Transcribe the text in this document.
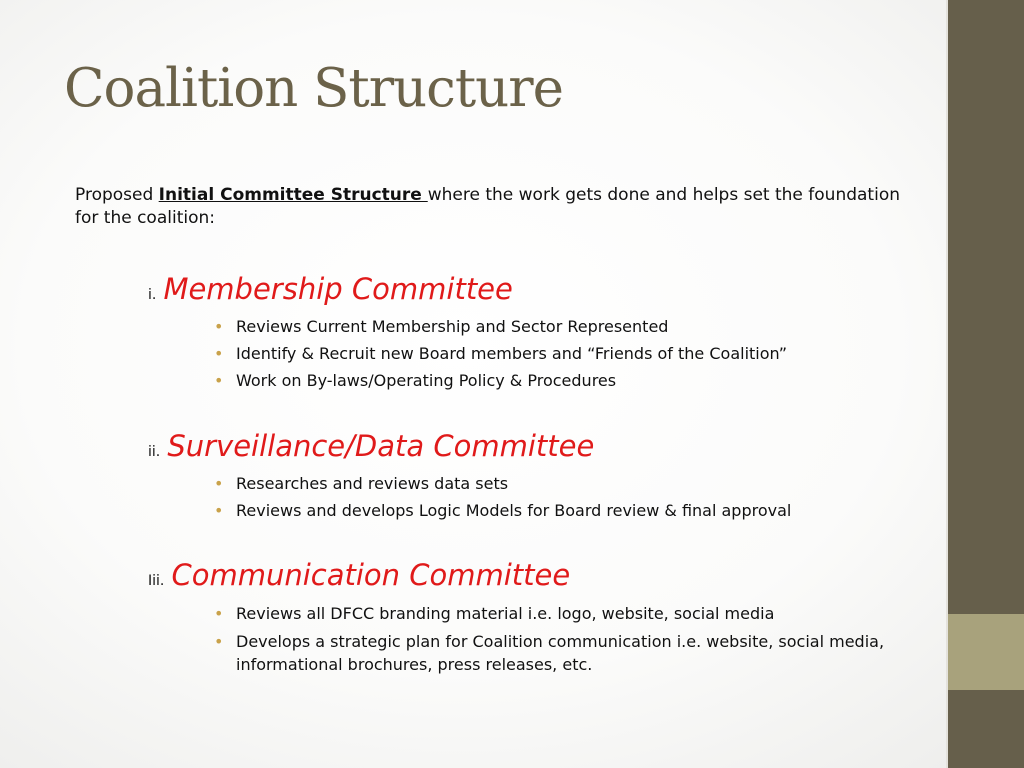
Coalition Structure
Proposed Initial Committee Structure where the work gets done and helps set the foundation for the coalition:
i. Membership Committee
• Reviews Current Membership and Sector Represented
• Identify & Recruit new Board members and “Friends of the Coalition”
• Work on By-laws/Operating Policy & Procedures
ii. Surveillance/Data Committee
• Researches and reviews data sets
• Reviews and develops Logic Models for Board review & final approval
Iii. Communication Committee
• Reviews all DFCC branding material i.e. logo, website, social media
• Develops a strategic plan for Coalition communication i.e. website, social media, informational brochures, press releases, etc.
